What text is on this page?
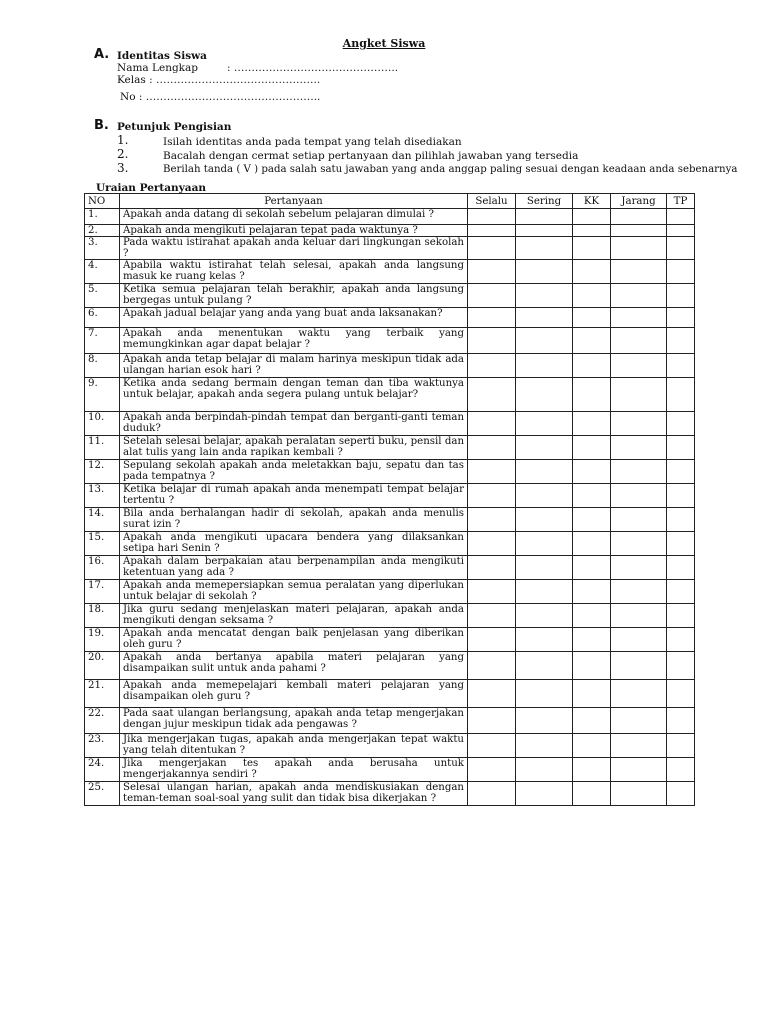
Angket Siswa
A. Identitas Siswa
Nama Lengkap	: ………………………………………..
Kelas : ………………………………………..
No : …………………………………………..
B. Petunjuk Pengisian
1.	Isilah identitas anda pada tempat yang telah disediakan
2.	Bacalah dengan cermat setiap pertanyaan dan pilihlah jawaban yang tersedia
3.	Berilah tanda ( V ) pada salah satu jawaban yang anda anggap paling sesuai dengan keadaan anda sebenarnya
Uraian Pertanyaan
NO	Pertanyaan	Selalu	Sering	KK	Jarang	TP
1.	Apakah anda datang di sekolah sebelum pelajaran dimulai ?					
2.	Apakah anda mengikuti pelajaran tepat pada waktunya ?					
3.	Pada waktu istirahat apakah anda keluar dari lingkungan sekolah ?					
4.	Apabila waktu istirahat telah selesai, apakah anda langsung masuk ke ruang kelas ?					
5.	Ketika semua pelajaran telah berakhir, apakah anda langsung bergegas untuk pulang ?					
6.	Apakah jadual belajar yang anda yang buat anda laksanakan?					
7.	Apakah anda menentukan waktu yang terbaik yang memungkinkan agar dapat belajar ?					
8.	Apakah anda tetap belajar di malam harinya meskipun tidak ada ulangan harian esok hari ?					
9.	Ketika anda sedang bermain dengan teman dan tiba waktunya untuk belajar, apakah anda segera pulang untuk belajar?					
10.	Apakah anda berpindah-pindah tempat dan berganti-ganti teman duduk?					
11.	Setelah selesai belajar, apakah peralatan seperti buku, pensil dan alat tulis yang lain anda rapikan kembali ?					
12.	Sepulang sekolah apakah anda meletakkan baju, sepatu dan tas pada tempatnya ?					
13.	Ketika belajar di rumah apakah anda menempati tempat belajar tertentu ?					
14.	Bila anda berhalangan hadir di sekolah, apakah anda menulis surat izin ?					
15.	Apakah anda mengikuti upacara bendera yang dilaksankan setipa hari Senin ?					
16.	Apakah dalam berpakaian atau berpenampilan anda mengikuti ketentuan yang ada ?					
17.	Apakah anda memepersiapkan semua peralatan yang diperlukan untuk belajar di sekolah ?					
18.	Jika guru sedang menjelaskan materi pelajaran, apakah anda mengikuti dengan seksama ?					
19.	Apakah anda mencatat dengan baik penjelasan yang diberikan oleh guru ?					
20.	Apakah anda bertanya apabila materi pelajaran yang disampaikan sulit untuk anda pahami ?					
21.	Apakah anda memepelajari kembali materi pelajaran yang disampaikan oleh guru ?					
22.	Pada saat ulangan berlangsung, apakah anda tetap mengerjakan dengan jujur meskipun tidak ada pengawas ?					
23.	Jika mengerjakan tugas, apakah anda mengerjakan tepat waktu yang telah ditentukan ?					
24.	Jika mengerjakan tes apakah anda berusaha untuk mengerjakannya sendiri ?					
25.	Selesai ulangan harian, apakah anda mendiskusiakan dengan teman-teman soal-soal yang sulit dan tidak bisa dikerjakan ?					
